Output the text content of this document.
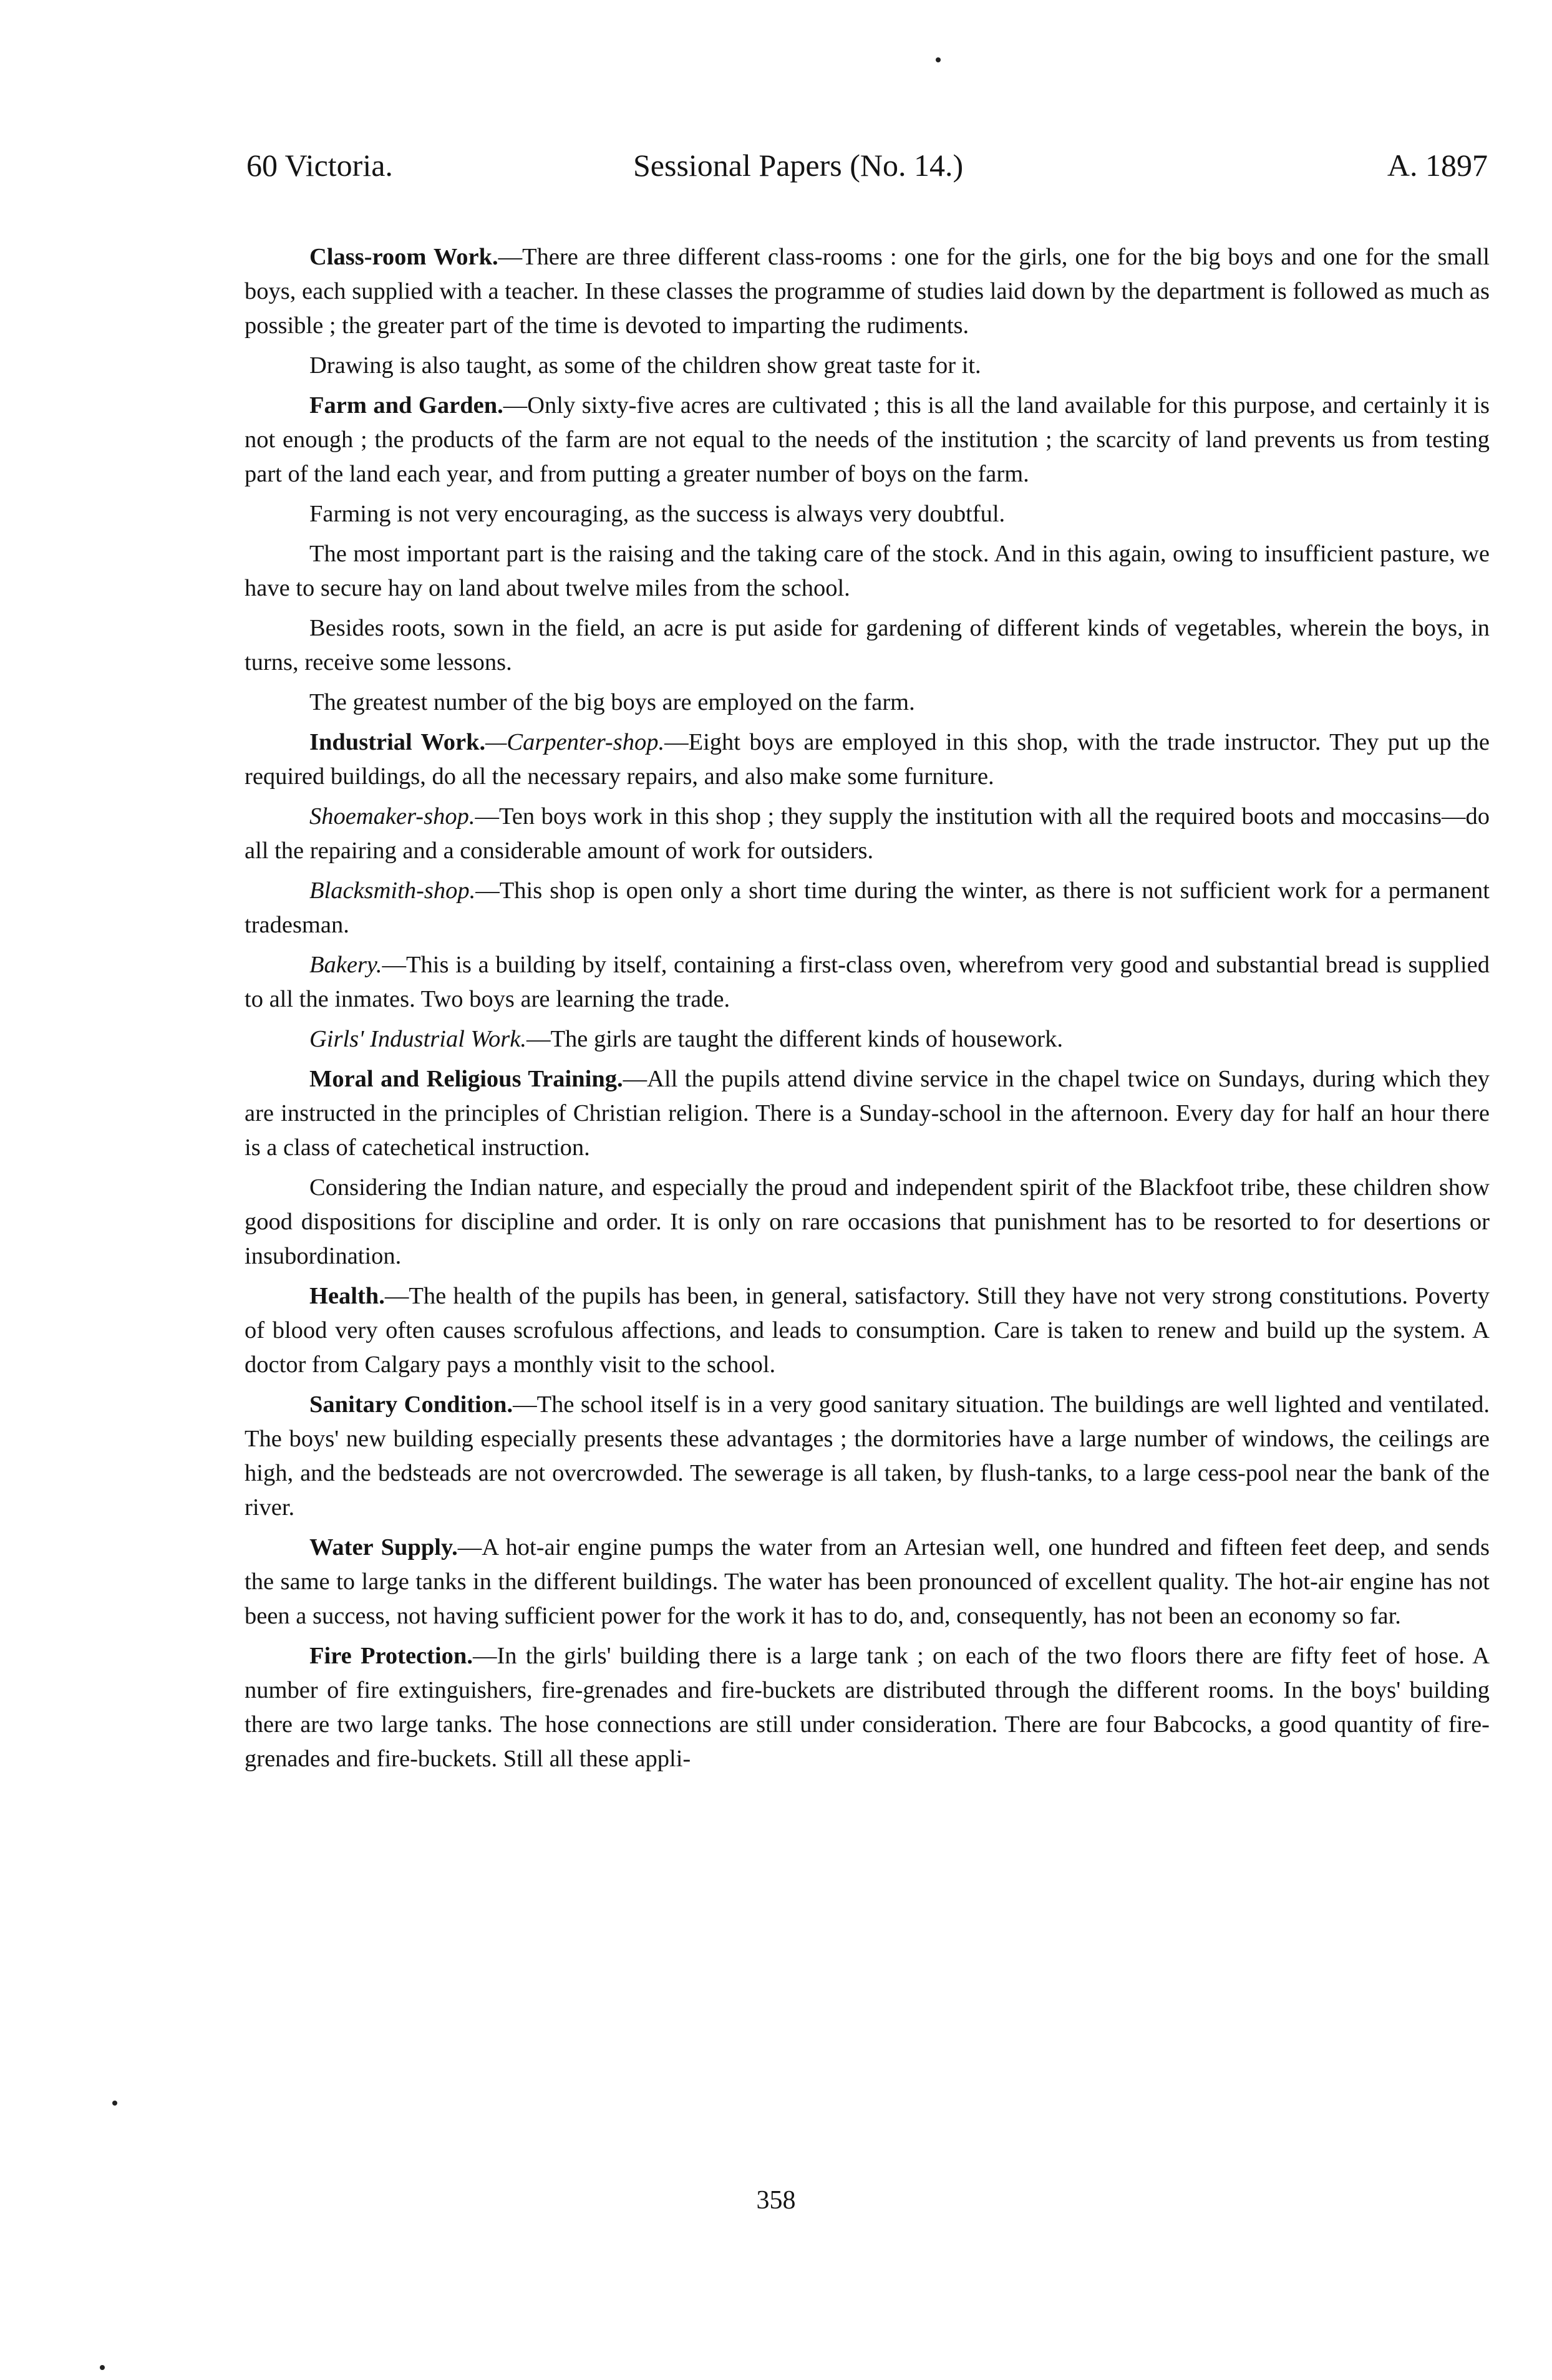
60 Victoria.	Sessional Papers (No. 14.)	A. 1897

Class-room Work.—There are three different class-rooms : one for the girls, one for the big boys and one for the small boys, each supplied with a teacher. In these classes the programme of studies laid down by the department is followed as much as possible ; the greater part of the time is devoted to imparting the rudiments.

Drawing is also taught, as some of the children show great taste for it.

Farm and Garden.—Only sixty-five acres are cultivated ; this is all the land available for this purpose, and certainly it is not enough ; the products of the farm are not equal to the needs of the institution ; the scarcity of land prevents us from testing part of the land each year, and from putting a greater number of boys on the farm.

Farming is not very encouraging, as the success is always very doubtful.

The most important part is the raising and the taking care of the stock. And in this again, owing to insufficient pasture, we have to secure hay on land about twelve miles from the school.

Besides roots, sown in the field, an acre is put aside for gardening of different kinds of vegetables, wherein the boys, in turns, receive some lessons.

The greatest number of the big boys are employed on the farm.

Industrial Work.—Carpenter-shop.—Eight boys are employed in this shop, with the trade instructor. They put up the required buildings, do all the necessary repairs, and also make some furniture.

Shoemaker-shop.—Ten boys work in this shop ; they supply the institution with all the required boots and moccasins—do all the repairing and a considerable amount of work for outsiders.

Blacksmith-shop.—This shop is open only a short time during the winter, as there is not sufficient work for a permanent tradesman.

Bakery.—This is a building by itself, containing a first-class oven, wherefrom very good and substantial bread is supplied to all the inmates. Two boys are learning the trade.

Girls' Industrial Work.—The girls are taught the different kinds of housework.

Moral and Religious Training.—All the pupils attend divine service in the chapel twice on Sundays, during which they are instructed in the principles of Christian religion. There is a Sunday-school in the afternoon. Every day for half an hour there is a class of catechetical instruction.

Considering the Indian nature, and especially the proud and independent spirit of the Blackfoot tribe, these children show good dispositions for discipline and order. It is only on rare occasions that punishment has to be resorted to for desertions or insubordination.

Health.—The health of the pupils has been, in general, satisfactory. Still they have not very strong constitutions. Poverty of blood very often causes scrofulous affections, and leads to consumption. Care is taken to renew and build up the system. A doctor from Calgary pays a monthly visit to the school.

Sanitary Condition.—The school itself is in a very good sanitary situation. The buildings are well lighted and ventilated. The boys' new building especially presents these advantages ; the dormitories have a large number of windows, the ceilings are high, and the bedsteads are not overcrowded. The sewerage is all taken, by flush-tanks, to a large cess-pool near the bank of the river.

Water Supply.—A hot-air engine pumps the water from an Artesian well, one hundred and fifteen feet deep, and sends the same to large tanks in the different buildings. The water has been pronounced of excellent quality. The hot-air engine has not been a success, not having sufficient power for the work it has to do, and, consequently, has not been an economy so far.

Fire Protection.—In the girls' building there is a large tank ; on each of the two floors there are fifty feet of hose. A number of fire extinguishers, fire-grenades and fire-buckets are distributed through the different rooms. In the boys' building there are two large tanks. The hose connections are still under consideration. There are four Babcocks, a good quantity of fire-grenades and fire-buckets. Still all these appli-

358
